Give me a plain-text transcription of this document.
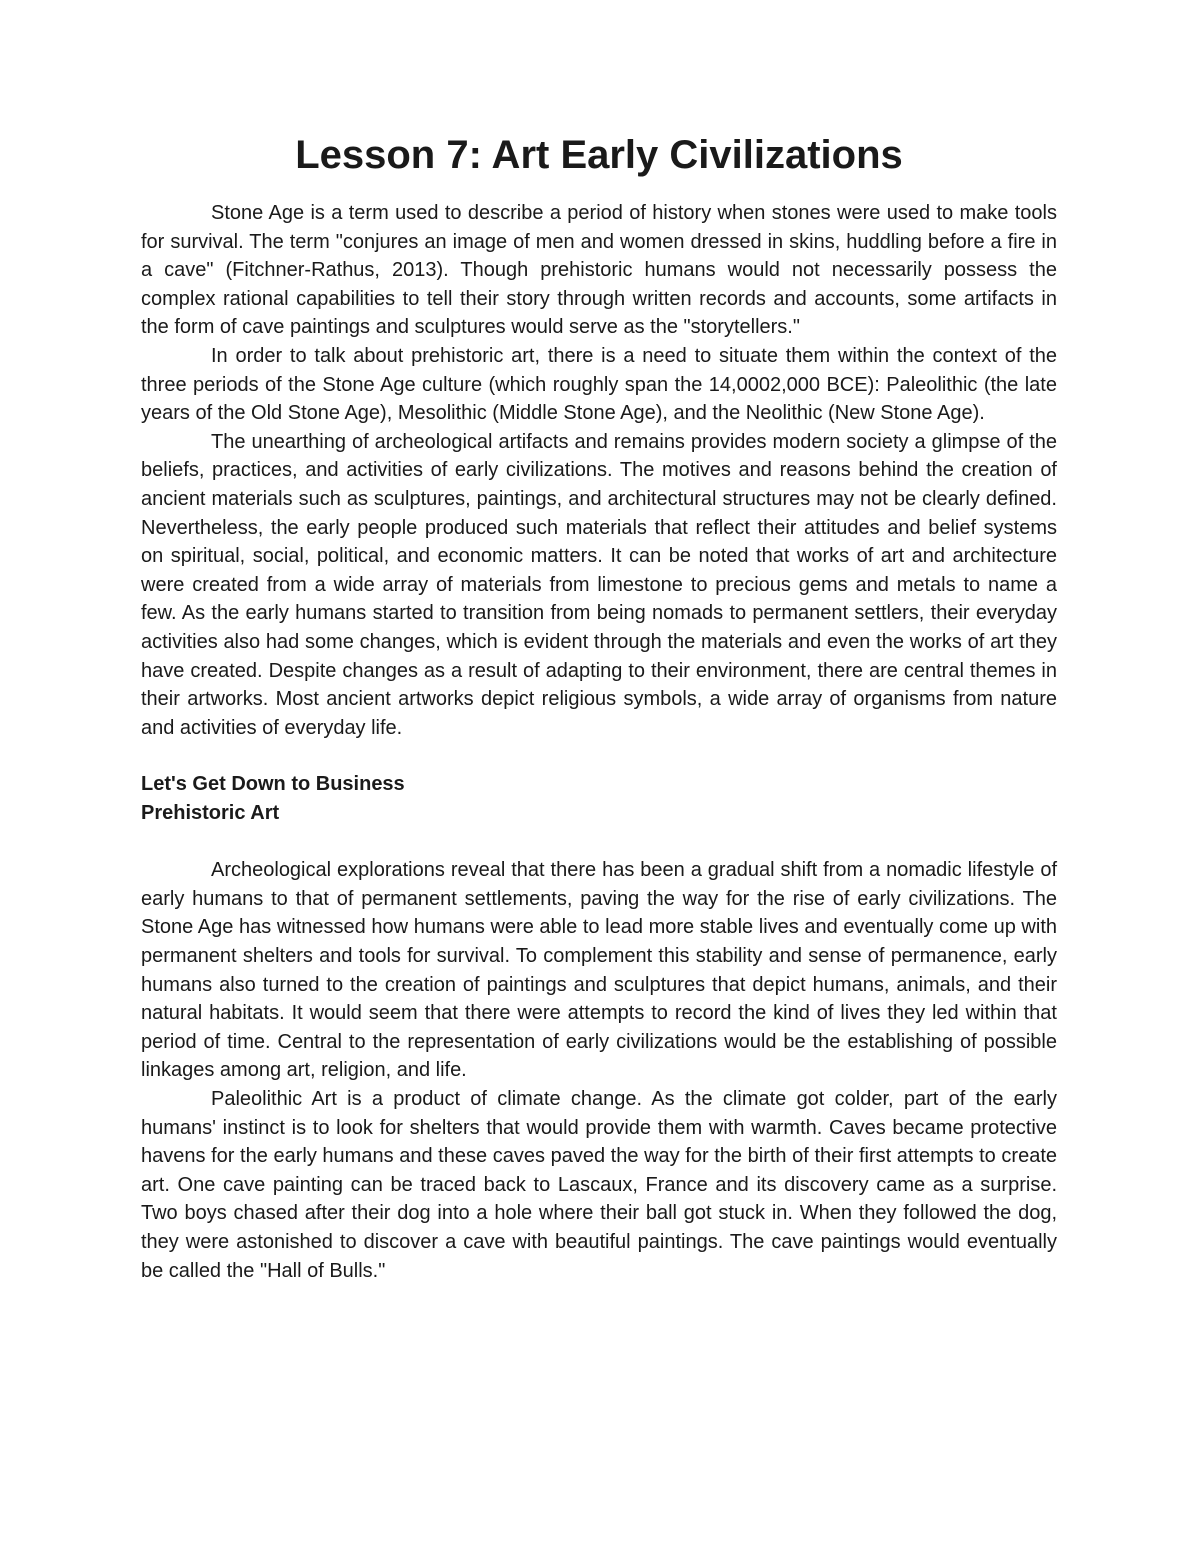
Lesson 7: Art Early Civilizations

Stone Age is a term used to describe a period of history when stones were used to make tools for survival. The term "conjures an image of men and women dressed in skins, huddling before a fire in a cave" (Fitchner-Rathus, 2013). Though prehistoric humans would not necessarily possess the complex rational capabilities to tell their story through written records and accounts, some artifacts in the form of cave paintings and sculptures would serve as the "storytellers."

In order to talk about prehistoric art, there is a need to situate them within the context of the three periods of the Stone Age culture (which roughly span the 14,0002,000 BCE): Paleolithic (the late years of the Old Stone Age), Mesolithic (Middle Stone Age), and the Neolithic (New Stone Age).

The unearthing of archeological artifacts and remains provides modern society a glimpse of the beliefs, practices, and activities of early civilizations. The motives and reasons behind the creation of ancient materials such as sculptures, paintings, and architectural structures may not be clearly defined. Nevertheless, the early people produced such materials that reflect their attitudes and belief systems on spiritual, social, political, and economic matters. It can be noted that works of art and architecture were created from a wide array of materials from limestone to precious gems and metals to name a few. As the early humans started to transition from being nomads to permanent settlers, their everyday activities also had some changes, which is evident through the materials and even the works of art they have created. Despite changes as a result of adapting to their environment, there are central themes in their artworks. Most ancient artworks depict religious symbols, a wide array of organisms from nature and activities of everyday life.

Let's Get Down to Business
Prehistoric Art

Archeological explorations reveal that there has been a gradual shift from a nomadic lifestyle of early humans to that of permanent settlements, paving the way for the rise of early civilizations. The Stone Age has witnessed how humans were able to lead more stable lives and eventually come up with permanent shelters and tools for survival. To complement this stability and sense of permanence, early humans also turned to the creation of paintings and sculptures that depict humans, animals, and their natural habitats. It would seem that there were attempts to record the kind of lives they led within that period of time. Central to the representation of early civilizations would be the establishing of possible linkages among art, religion, and life.

Paleolithic Art is a product of climate change. As the climate got colder, part of the early humans' instinct is to look for shelters that would provide them with warmth. Caves became protective havens for the early humans and these caves paved the way for the birth of their first attempts to create art. One cave painting can be traced back to Lascaux, France and its discovery came as a surprise. Two boys chased after their dog into a hole where their ball got stuck in. When they followed the dog, they were astonished to discover a cave with beautiful paintings. The cave paintings would eventually be called the "Hall of Bulls."
